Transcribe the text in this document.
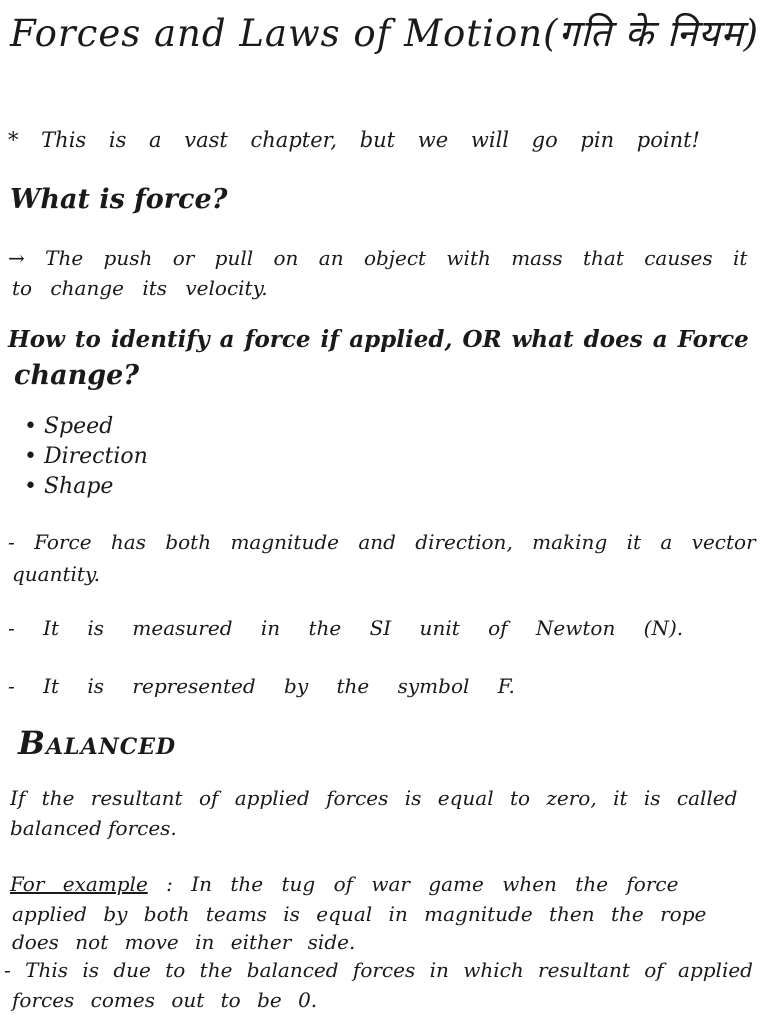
Forces and Laws of Motion(गति के नियम)
* This is a vast chapter, but we will go pin point!
What is force?
→ The push or pull on an object with mass that causes it
to change its velocity.
How to identify a force if applied, OR what does a Force
change?
• Speed
• Direction
• Shape
- Force has both magnitude and direction, making it a vector
quantity.
- It is measured in the SI unit of Newton (N).
- It is represented by the symbol F.
Balanced
If the resultant of applied forces is equal to zero, it is called
balanced forces.
For example : In the tug of war game when the force
applied by both teams is equal in magnitude then the rope
does not move in either side.
- This is due to the balanced forces in which resultant of applied
forces comes out to be 0.
